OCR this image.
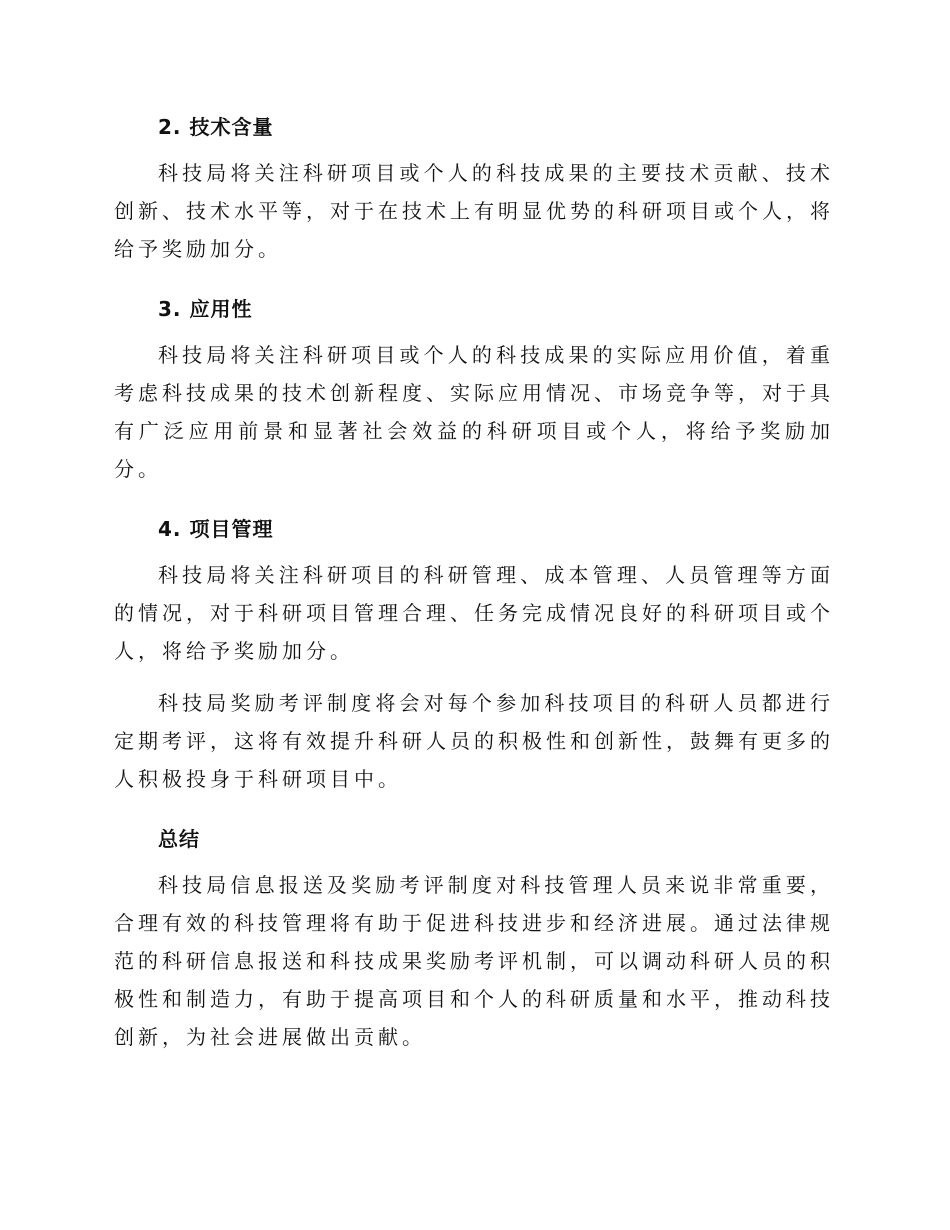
2. 技术含量

科技局将关注科研项目或个人的科技成果的主要技术贡献、技术创新、技术水平等，对于在技术上有明显优势的科研项目或个人，将给予奖励加分。

3. 应用性

科技局将关注科研项目或个人的科技成果的实际应用价值，着重考虑科技成果的技术创新程度、实际应用情况、市场竞争等，对于具有广泛应用前景和显著社会效益的科研项目或个人，将给予奖励加分。

4. 项目管理

科技局将关注科研项目的科研管理、成本管理、人员管理等方面的情况，对于科研项目管理合理、任务完成情况良好的科研项目或个人，将给予奖励加分。

科技局奖励考评制度将会对每个参加科技项目的科研人员都进行定期考评，这将有效提升科研人员的积极性和创新性，鼓舞有更多的人积极投身于科研项目中。

总结

科技局信息报送及奖励考评制度对科技管理人员来说非常重要，合理有效的科技管理将有助于促进科技进步和经济进展。通过法律规范的科研信息报送和科技成果奖励考评机制，可以调动科研人员的积极性和制造力，有助于提高项目和个人的科研质量和水平，推动科技创新，为社会进展做出贡献。
